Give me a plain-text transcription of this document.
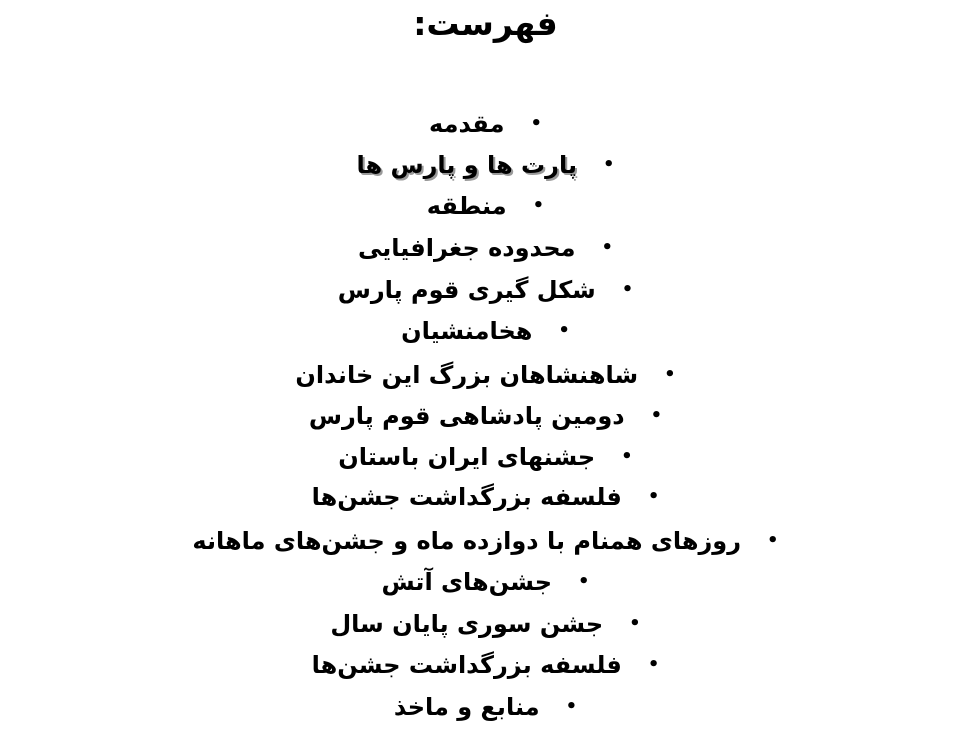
فهرست:
•مقدمه
•پارت ها و پارس ها
•منطقه
•محدوده جغرافیایی
•شکل گیری قوم پارس
•هخامنشیان
•شاهنشاهان بزرگ این خاندان
•دومین پادشاهی قوم پارس
•جشنهای ایران باستان
•فلسفه بزرگداشت جشن‌ها
•روزهای همنام با دوازده ماه و جشن‌های ماهانه
•جشن‌های آتش
•جشن سوری پایان سال
•فلسفه بزرگداشت جشن‌ها
•منابع و ماخذ
